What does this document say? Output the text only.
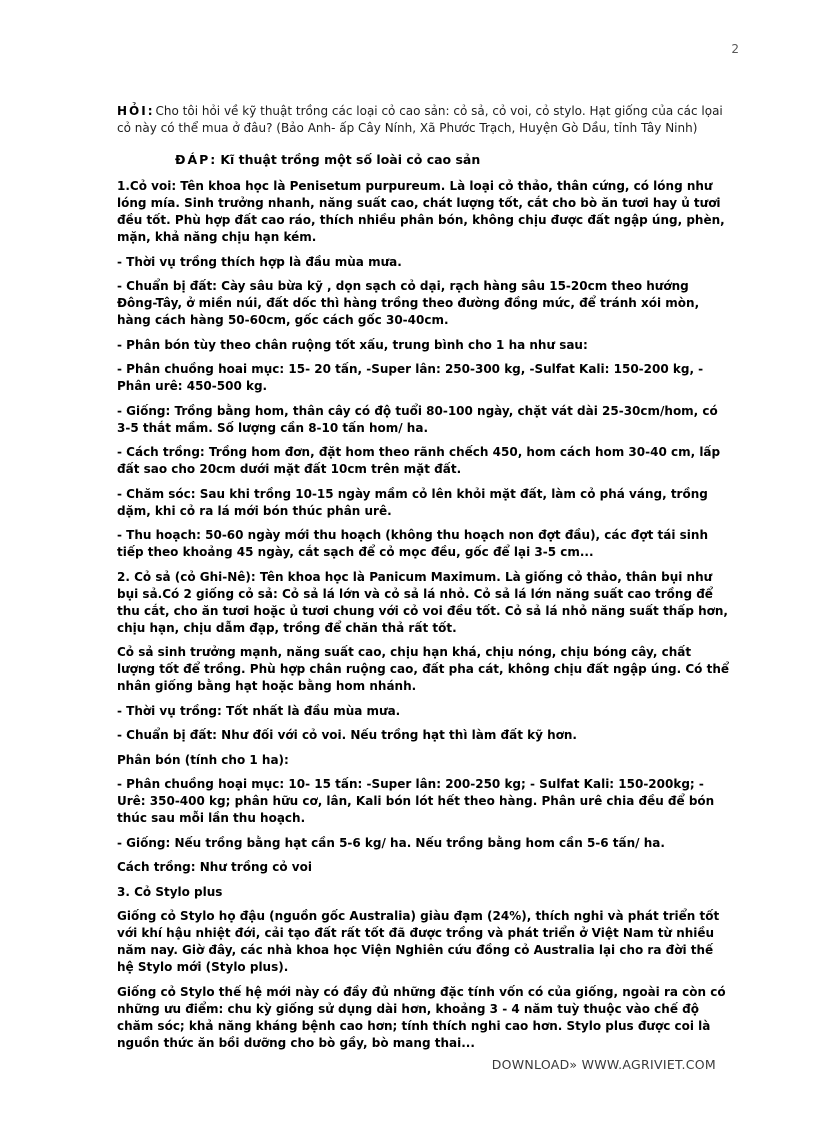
2

HỎI:Cho tôi hỏi về kỹ thuật trồng các loại cỏ cao sản: cỏ sả, cỏ voi, cỏ stylo. Hạt giống của các lọai cỏ này có thể mua ở đâu? (Bảo Anh- ấp Cây Nính, Xã Phước Trạch, Huyện Gò Dầu, tỉnh Tây Ninh)

ĐÁP: Kĩ thuật trồng một số loài cỏ cao sản

1.Cỏ voi: Tên khoa học là Penisetum purpureum. Là loại cỏ thảo, thân cứng, có lóng như lóng mía. Sinh trưởng nhanh, năng suất cao, chát lượng tốt, cắt cho bò ăn tươi hay ủ tươi đều tốt. Phù hợp đất cao ráo, thích nhiều phân bón, không chịu được đất ngập úng, phèn, mặn, khả năng chịu hạn kém.

- Thời vụ trồng thích hợp là đầu mùa mưa.

- Chuẩn bị đất: Cày sâu bừa kỹ , dọn sạch cỏ dại, rạch hàng sâu 15-20cm theo hướng Đông-Tây, ở miền núi, đất dốc thì hàng trồng theo đường đồng mức, để tránh xói mòn, hàng cách hàng 50-60cm, gốc cách gốc 30-40cm.

- Phân bón tùy theo chân ruộng tốt xấu, trung bình cho 1 ha như sau:

- Phân chuồng hoai mục: 15- 20 tấn, -Super lân: 250-300 kg, -Sulfat Kali: 150-200 kg, - Phân urê: 450-500 kg.

- Giống: Trồng bằng hom, thân cây có độ tuổi 80-100 ngày, chặt vát dài 25-30cm/hom, có 3-5 thắt mầm. Số lượng cần 8-10 tấn hom/ ha.

- Cách trồng: Trồng hom đơn, đặt hom theo rãnh chếch 450, hom cách hom 30-40 cm, lấp đất sao cho 20cm dưới mặt đất 10cm trên mặt đất.

- Chăm sóc: Sau khi trồng 10-15 ngày mầm cỏ lên khỏi mặt đất, làm cỏ phá váng, trồng dặm, khi cỏ ra lá mới bón thúc phân urê.

- Thu hoạch: 50-60 ngày mới thu hoạch (không thu hoạch non đợt đầu), các đợt tái sinh tiếp theo khoảng 45 ngày, cắt sạch để cỏ mọc đều, gốc để lại 3-5 cm...

2. Cỏ sả (cỏ Ghi-Nê): Tên khoa học là Panicum Maximum. Là giống cỏ thảo, thân bụi như bụi sả.Có 2 giống cỏ sả: Cỏ sả lá lớn và cỏ sả lá nhỏ. Cỏ sả lá lớn năng suất cao trồng để thu cắt, cho ăn tươi hoặc ủ tươi chung với cỏ voi đều tốt. Cỏ sả lá nhỏ năng suất thấp hơn, chịu hạn, chịu dẫm đạp, trồng để chăn thả rất tốt.

Cỏ sả sinh trưởng mạnh, năng suất cao, chịu hạn khá, chịu nóng, chịu bóng cây, chất lượng tốt để trồng. Phù hợp chân ruộng cao, đất pha cát, không chịu đất ngập úng. Có thể nhân giống bằng hạt hoặc bằng hom nhánh.

- Thời vụ trồng: Tốt nhất là đầu mùa mưa.

- Chuẩn bị đất: Như đối với cỏ voi. Nếu trồng hạt thì làm đất kỹ hơn.

Phân bón (tính cho 1 ha):

- Phân chuồng hoại mục: 10- 15 tấn: -Super lân: 200-250 kg; - Sulfat Kali: 150-200kg; - Urê: 350-400 kg; phân hữu cơ, lân, Kali bón lót hết theo hàng. Phân urê chia đều để bón thúc sau mỗi lần thu hoạch.

- Giống: Nếu trồng bằng hạt cần 5-6 kg/ ha. Nếu trồng bằng hom cần 5-6 tấn/ ha.

Cách trồng: Như trồng cỏ voi

3. Cỏ Stylo plus

Giống cỏ Stylo họ đậu (nguồn gốc Australia) giàu đạm (24%), thích nghi và phát triển tốt với khí hậu nhiệt đới, cải tạo đất rất tốt đã được trồng và phát triển ở Việt Nam từ nhiều năm nay. Giờ đây, các nhà khoa học Viện Nghiên cứu đồng cỏ Australia lại cho ra đời thế hệ Stylo mới (Stylo plus).

Giống cỏ Stylo thế hệ mới này có đầy đủ những đặc tính vốn có của giống, ngoài ra còn có những ưu điểm: chu kỳ giống sử dụng dài hơn, khoảng 3 - 4 năm tuỳ thuộc vào chế độ chăm sóc; khả năng kháng bệnh cao hơn; tính thích nghi cao hơn. Stylo plus được coi là nguồn thức ăn bồi dưỡng cho bò gầy, bò mang thai...

DOWNLOAD» WWW.AGRIVIET.COM
